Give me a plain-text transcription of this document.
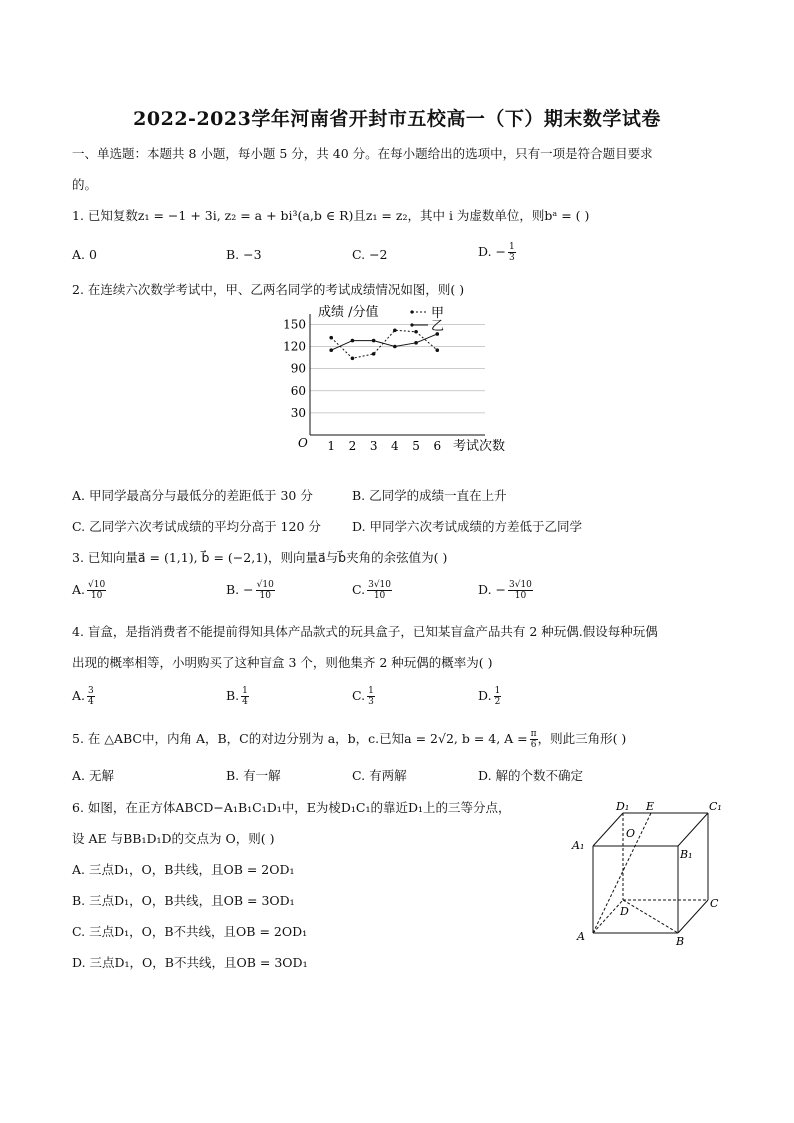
2022-2023学年河南省开封市五校高一（下）期末数学试卷
一、单选题：本题共 8 小题，每小题 5 分，共 40 分。在每小题给出的选项中，只有一项是符合题目要求
的。
1. 已知复数z₁ = −1 + 3i, z₂ = a + bi³(a,b ∈ R)且z₁ = z₂，其中 i 为虚数单位，则bᵃ = ( )
A. 0	B. −3	C. −2	D. − $\frac{1}{3}$
2. 在连续六次数学考试中，甲、乙两名同学的考试成绩情况如图，则( )
30
60
90
120
150
O 1 2 3 4 5 6 考试次数
成绩 /分值	甲
乙
A. 甲同学最高分与最低分的差距低于 30 分	B. 乙同学的成绩一直在上升
C. 乙同学六次考试成绩的平均分高于 120 分 D. 甲同学六次考试成绩的方差低于乙同学
3. 已知向量a⃗ = (1,1), b⃗ = (−2,1)，则向量a⃗与b⃗夹角的余弦值为( )
A. $\frac{√10}{10}$	B. − $\frac{√10}{10}$	C. $\frac{3√10}{10}$	D. − $\frac{3√10}{10}$
4. 盲盒，是指消费者不能提前得知具体产品款式的玩具盒子，已知某盲盒产品共有 2 种玩偶.假设每种玩偶
出现的概率相等，小明购买了这种盲盒 3 个，则他集齐 2 种玩偶的概率为( )
A. $\frac{3}{4}$	B. $\frac{1}{4}$	C. $\frac{1}{3}$	D. $\frac{1}{2}$
5. 在 △ABC中，内角 A，B，C的对边分别为 a，b，c.已知a = 2√2, b = 4, $A = \frac{\pi}{6}$ ，则此三角形( )
A. 无解	B. 有一解	C. 有两解	D. 解的个数不确定
6. 如图，在正方体ABCD−A₁B₁C₁D₁中，E为棱D₁C₁的靠近D₁上的三等分点，
设 AE 与BB₁D₁D的交点为 O，则( )
A. 三点D₁，O，B共线，且OB = 2OD₁
B. 三点D₁，O，B共线，且OB = 3OD₁
C. 三点D₁，O，B不共线，且OB = 2OD₁
D. 三点D₁，O，B不共线，且OB = 3OD₁
D₁ E	C₁
A₁
B₁
O
D
C
A	B
